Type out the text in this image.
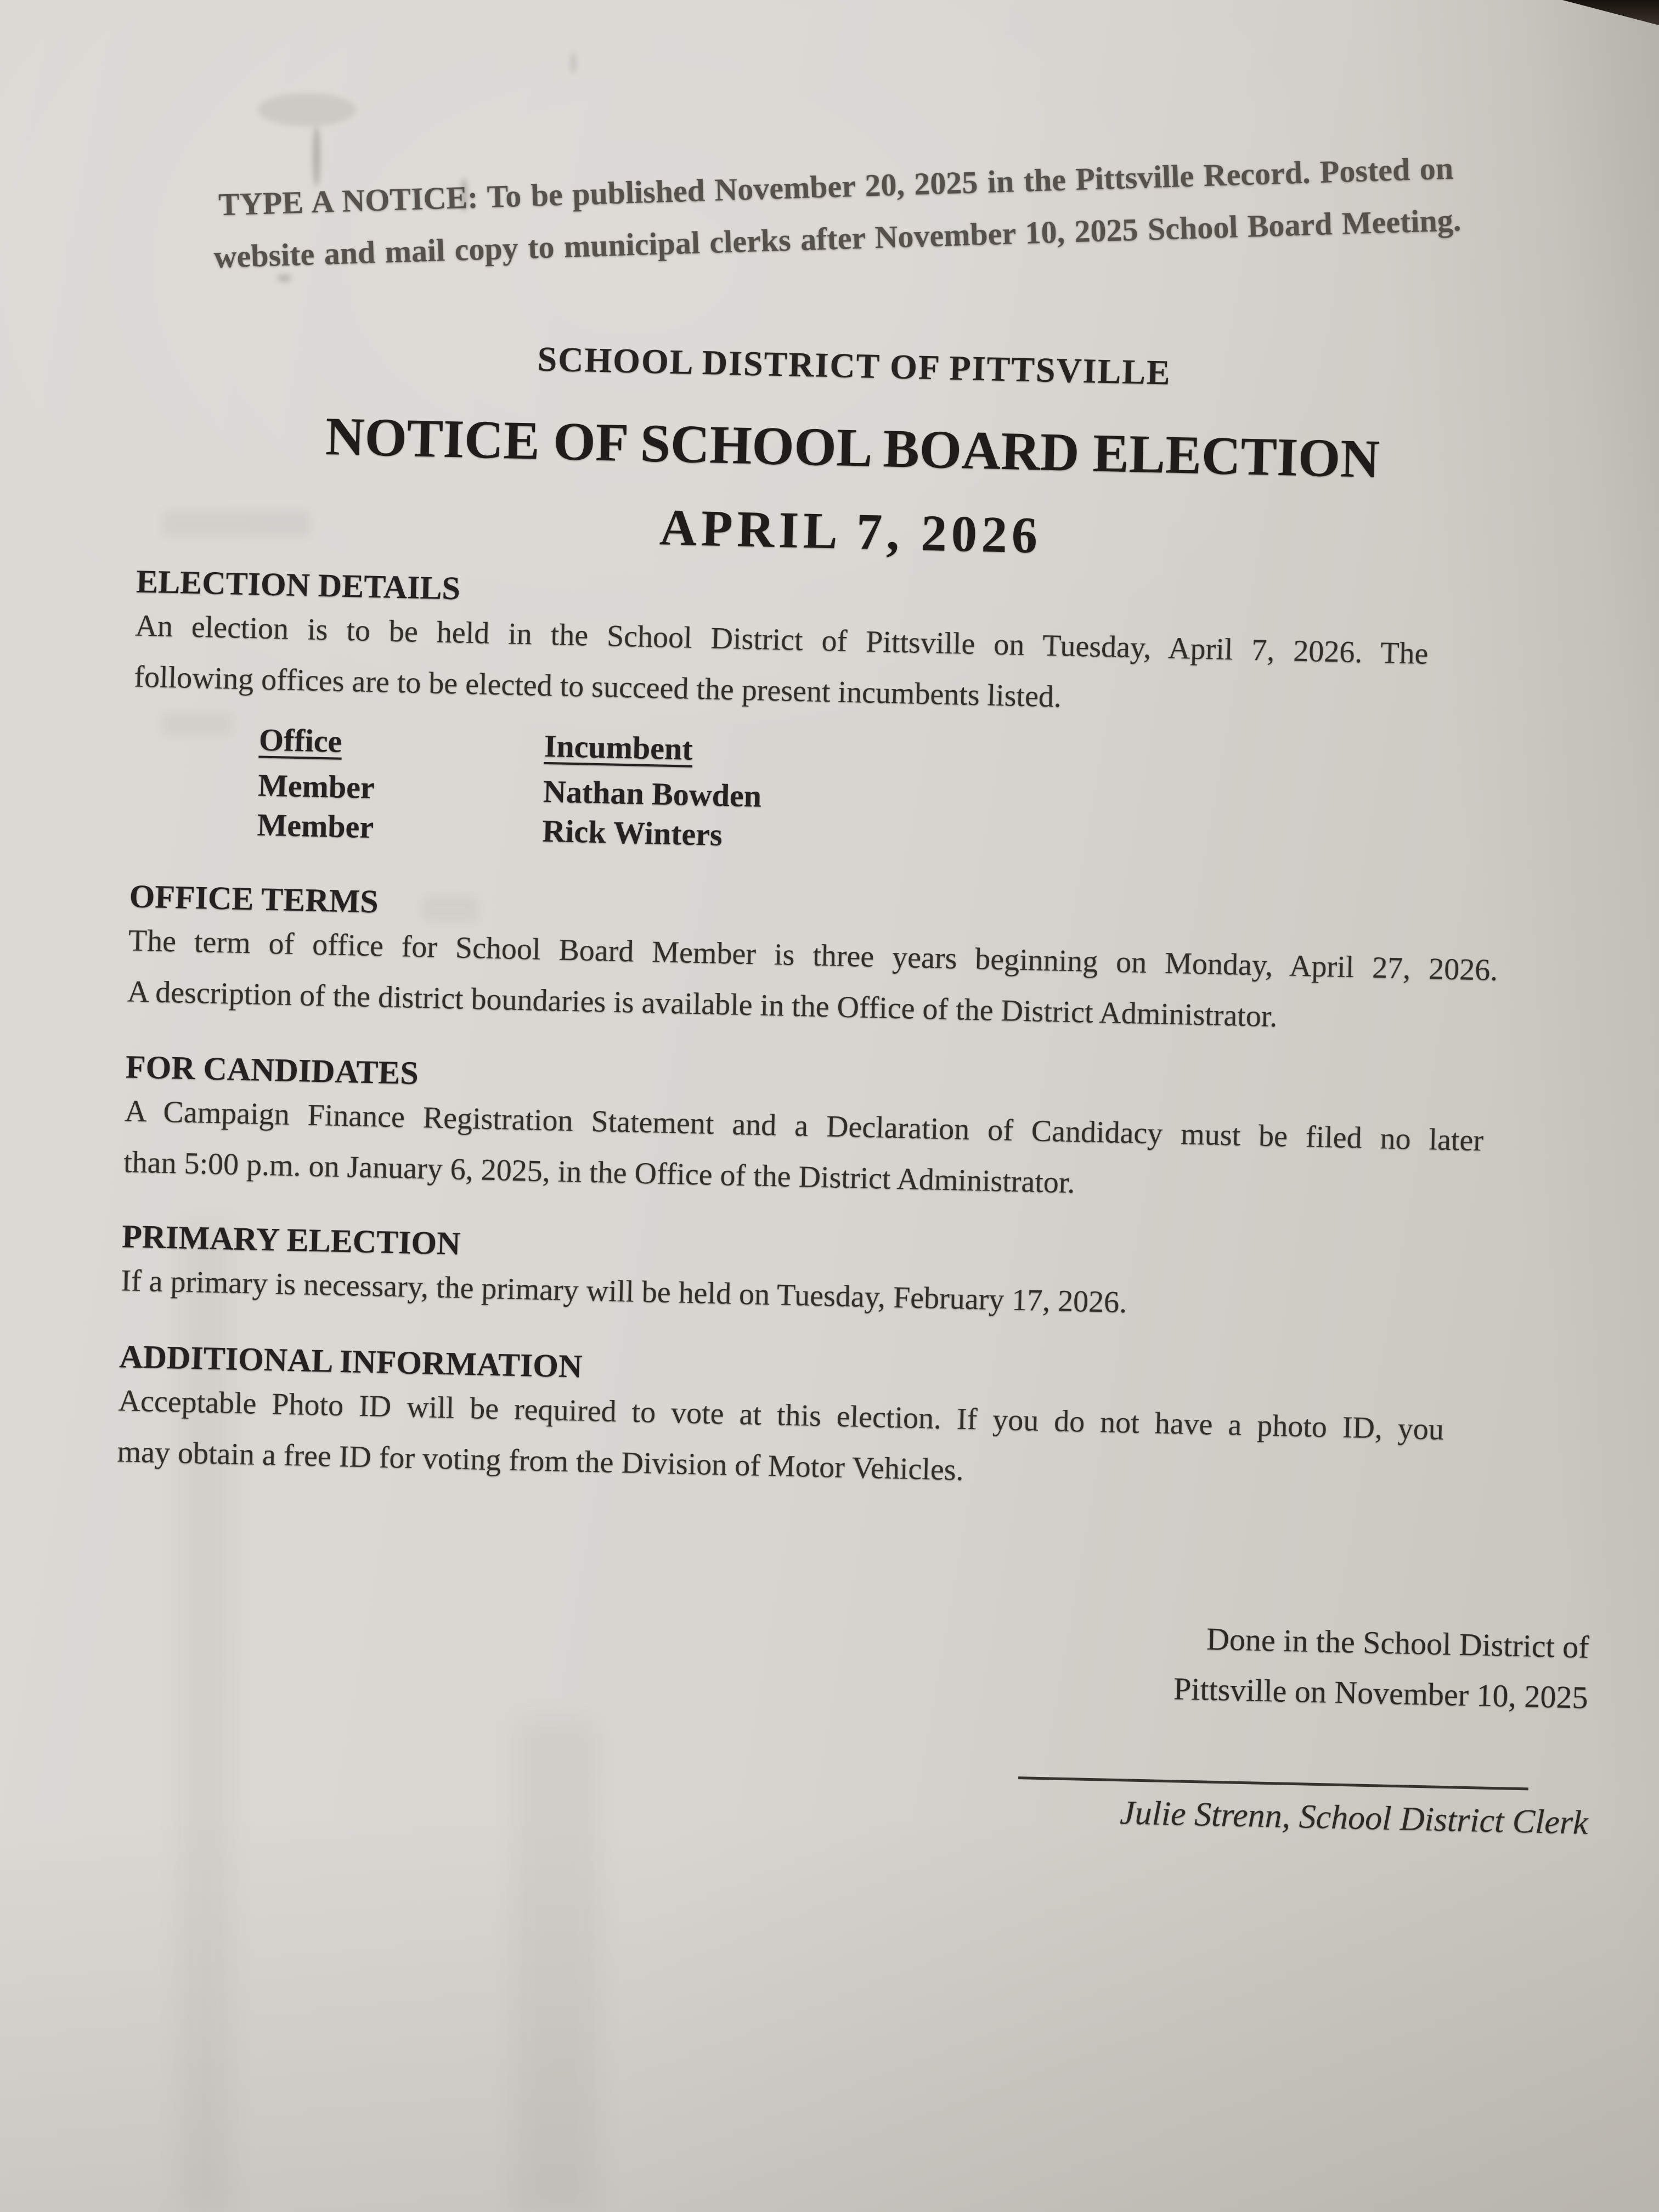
TYPE A NOTICE: To be published November 20, 2025 in the Pittsville Record. Posted on
website and mail copy to municipal clerks after November 10, 2025 School Board Meeting.
SCHOOL DISTRICT OF PITTSVILLE
NOTICE OF SCHOOL BOARD ELECTION
APRIL 7, 2026
ELECTION DETAILS
An election is to be held in the School District of Pittsville on Tuesday, April 7, 2026. The
following offices are to be elected to succeed the present incumbents listed.
Office	Incumbent
Member	Nathan Bowden
Member	Rick Winters
OFFICE TERMS
The term of office for School Board Member is three years beginning on Monday, April 27, 2026.
A description of the district boundaries is available in the Office of the District Administrator.
FOR CANDIDATES
A Campaign Finance Registration Statement and a Declaration of Candidacy must be filed no later
than 5:00 p.m. on January 6, 2025, in the Office of the District Administrator.
PRIMARY ELECTION
If a primary is necessary, the primary will be held on Tuesday, February 17, 2026.
ADDITIONAL INFORMATION
Acceptable Photo ID will be required to vote at this election. If you do not have a photo ID, you
may obtain a free ID for voting from the Division of Motor Vehicles.
Done in the School District of
Pittsville on November 10, 2025
Julie Strenn, School District Clerk
